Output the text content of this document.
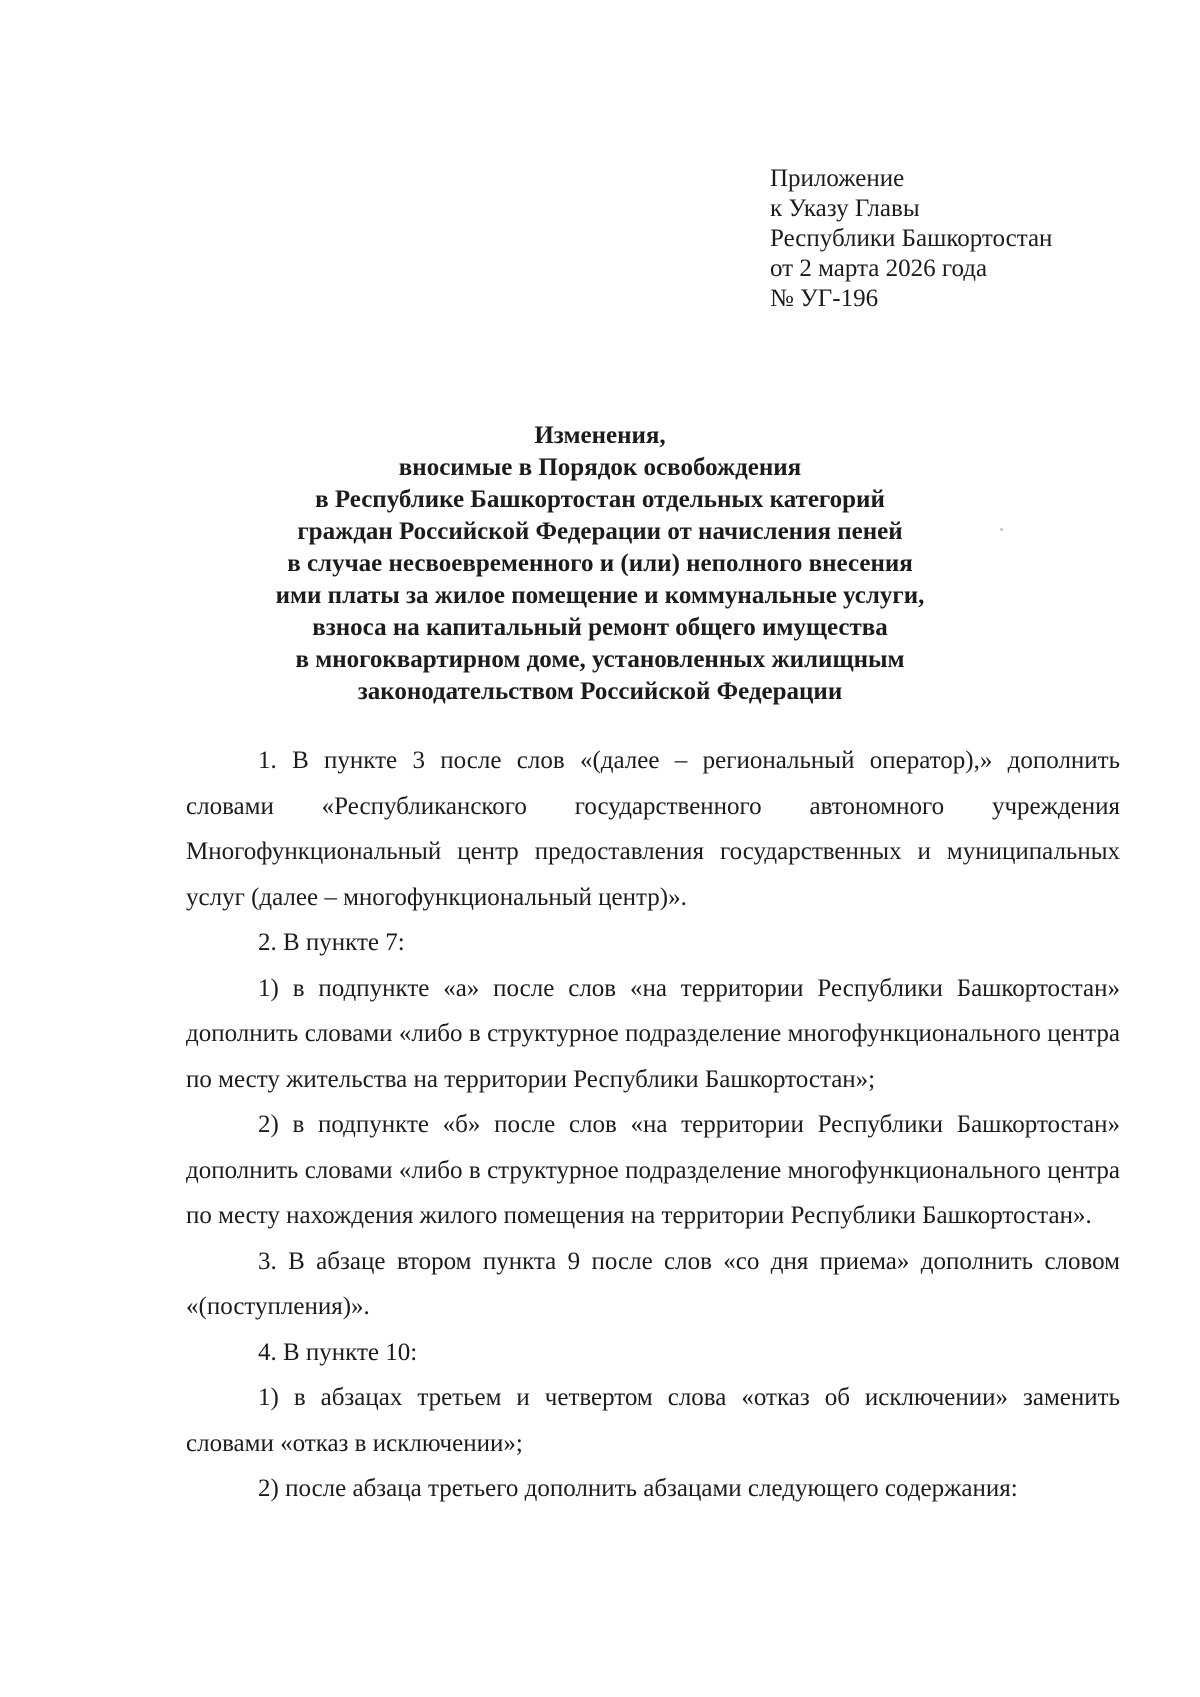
Приложение
к Указу Главы
Республики Башкортостан
от 2 марта 2026 года
№ УГ-196
Изменения,
вносимые в Порядок освобождения
в Республике Башкортостан отдельных категорий
граждан Российской Федерации от начисления пеней
в случае несвоевременного и (или) неполного внесения
ими платы за жилое помещение и коммунальные услуги,
взноса на капитальный ремонт общего имущества
в многоквартирном доме, установленных жилищным
законодательством Российской Федерации

1. В пункте 3 после слов «(далее – региональный оператор),» дополнить словами «Республиканского государственного автономного учреждения Многофункциональный центр предоставления государственных и муниципальных услуг (далее – многофункциональный центр)».

2. В пункте 7:

1) в подпункте «а» после слов «на территории Республики Башкортостан» дополнить словами «либо в структурное подразделение многофункционального центра по месту жительства на территории Республики Башкортостан»;

2) в подпункте «б» после слов «на территории Республики Башкортостан» дополнить словами «либо в структурное подразделение многофункционального центра по месту нахождения жилого помещения на территории Республики Башкортостан».

3. В абзаце втором пункта 9 после слов «со дня приема» дополнить словом «(поступления)».

4. В пункте 10:

1) в абзацах третьем и четвертом слова «отказ об исключении» заменить словами «отказ в исключении»;

2) после абзаца третьего дополнить абзацами следующего содержания:
